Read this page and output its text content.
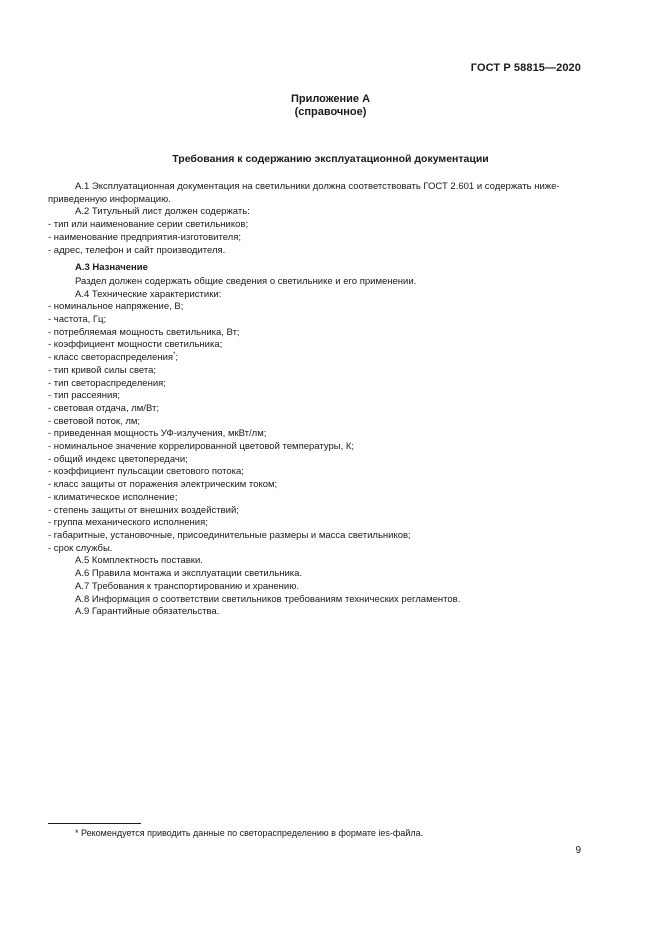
ГОСТ Р 58815—2020
Приложение А
(справочное)
Требования к содержанию эксплуатационной документации

А.1 Эксплуатационная документация на светильники должна соответствовать ГОСТ 2.601 и содержать ниже-
приведенную информацию.

А.2 Титульный лист должен содержать:

- тип или наименование серии светильников;

- наименование предприятия-изготовителя;

- адрес, телефон и сайт производителя.

А.3 Назначение

Раздел должен содержать общие сведения о светильнике и его применении.

А.4 Технические характеристики:

- номинальное напряжение, В;

- частота, Гц;

- потребляемая мощность светильника, Вт;

- коэффициент мощности светильника;

- класс светораспределения*;

- тип кривой силы света;

- тип светораспределения;

- тип рассеяния;

- световая отдача, лм/Вт;

- световой поток, лм;

- приведенная мощность УФ-излучения, мкВт/лм;

- номинальное значение коррелированной цветовой температуры, К;

- общий индекс цветопередачи;

- коэффициент пульсации светового потока;

- класс защиты от поражения электрическим током;

- климатическое исполнение;

- степень защиты от внешних воздействий;

- группа механического исполнения;

- габаритные, установочные, присоединительные размеры и масса светильников;

- срок службы.

А.5 Комплектность поставки.

А.6 Правила монтажа и эксплуатации светильника.

А.7 Требования к транспортированию и хранению.

А.8 Информация о соответствии светильников требованиям технических регламентов.

А.9 Гарантийные обязательства.

* Рекомендуется приводить данные по светораспределению в формате ies-файла.
9
